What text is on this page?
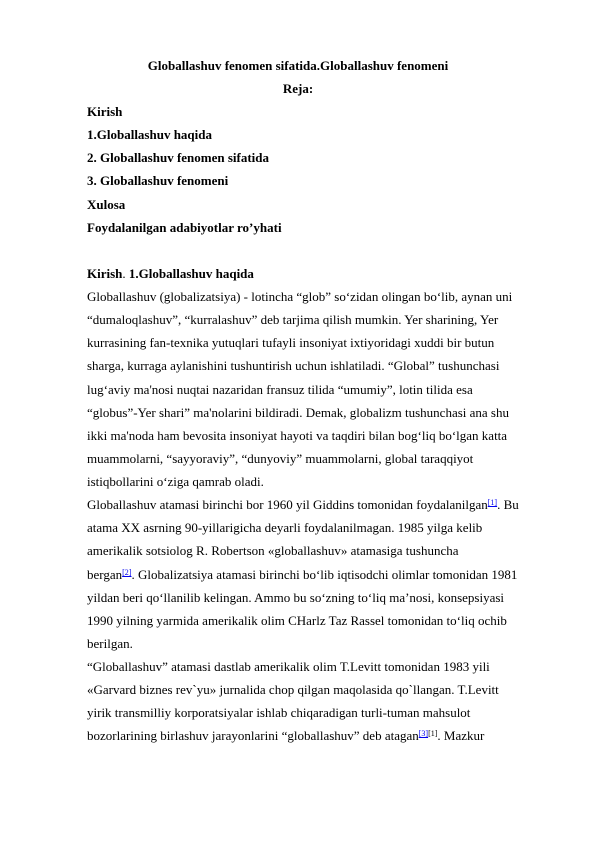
Globallashuv fenomen sifatida.Globallashuv fenomeni
Reja:
Kirish
1.Globallashuv haqida
2. Globallashuv fenomen sifatida
3. Globallashuv fenomeni
Xulosa
Foydalanilgan adabiyotlar ro’yhati
Kirish. 1.Globallashuv haqida
Globallashuv (globalizatsiya) - lotincha “glob” so‘zidan olingan bo‘lib, aynan uni
“dumaloqlashuv”, “kurralashuv” deb tarjima qilish mumkin. Yer sharining, Yer
kurrasining fan-texnika yutuqlari tufayli insoniyat ixtiyoridagi xuddi bir butun
sharga, kurraga aylanishini tushuntirish uchun ishlatiladi. “Global” tushunchasi
lug‘aviy ma'nosi nuqtai nazaridan fransuz tilida “umumiy”, lotin tilida esa
“globus”-Yer shari” ma'nolarini bildiradi. Demak, globalizm tushunchasi ana shu
ikki ma'noda ham bevosita insoniyat hayoti va taqdiri bilan bog‘liq bo‘lgan katta
muammolarni, “sayyoraviy”, “dunyoviy” muammolarni, global taraqqiyot
istiqbollarini o‘ziga qamrab oladi.
Globallashuv atamasi birinchi bor 1960 yil Giddins tomonidan foydalanilgan[1]. Bu
atama XX asrning 90-yillarigicha deyarli foydalanilmagan. 1985 yilga kelib
amerikalik sotsiolog R. Robertson «globallashuv» atamasiga tushuncha
bergan[2]. Globalizatsiya atamasi birinchi bo‘lib iqtisodchi olimlar tomonidan 1981
yildan beri qo‘llanilib kelingan. Ammo bu so‘zning to‘liq ma’nosi, konsepsiyasi
1990 yilning yarmida amerikalik olim CHarlz Taz Rassel tomonidan to‘liq ochib
berilgan.
“Globallashuv” atamasi dastlab amerikalik olim T.Levitt tomonidan 1983 yili
«Garvard biznes rev`yu» jurnalida chop qilgan maqolasida qo`llangan. T.Levitt
yirik transmilliy korporatsiyalar ishlab chiqaradigan turli-tuman mahsulot
bozorlarining birlashuv jarayonlarini “globallashuv” deb atagan[3][1]. Mazkur
